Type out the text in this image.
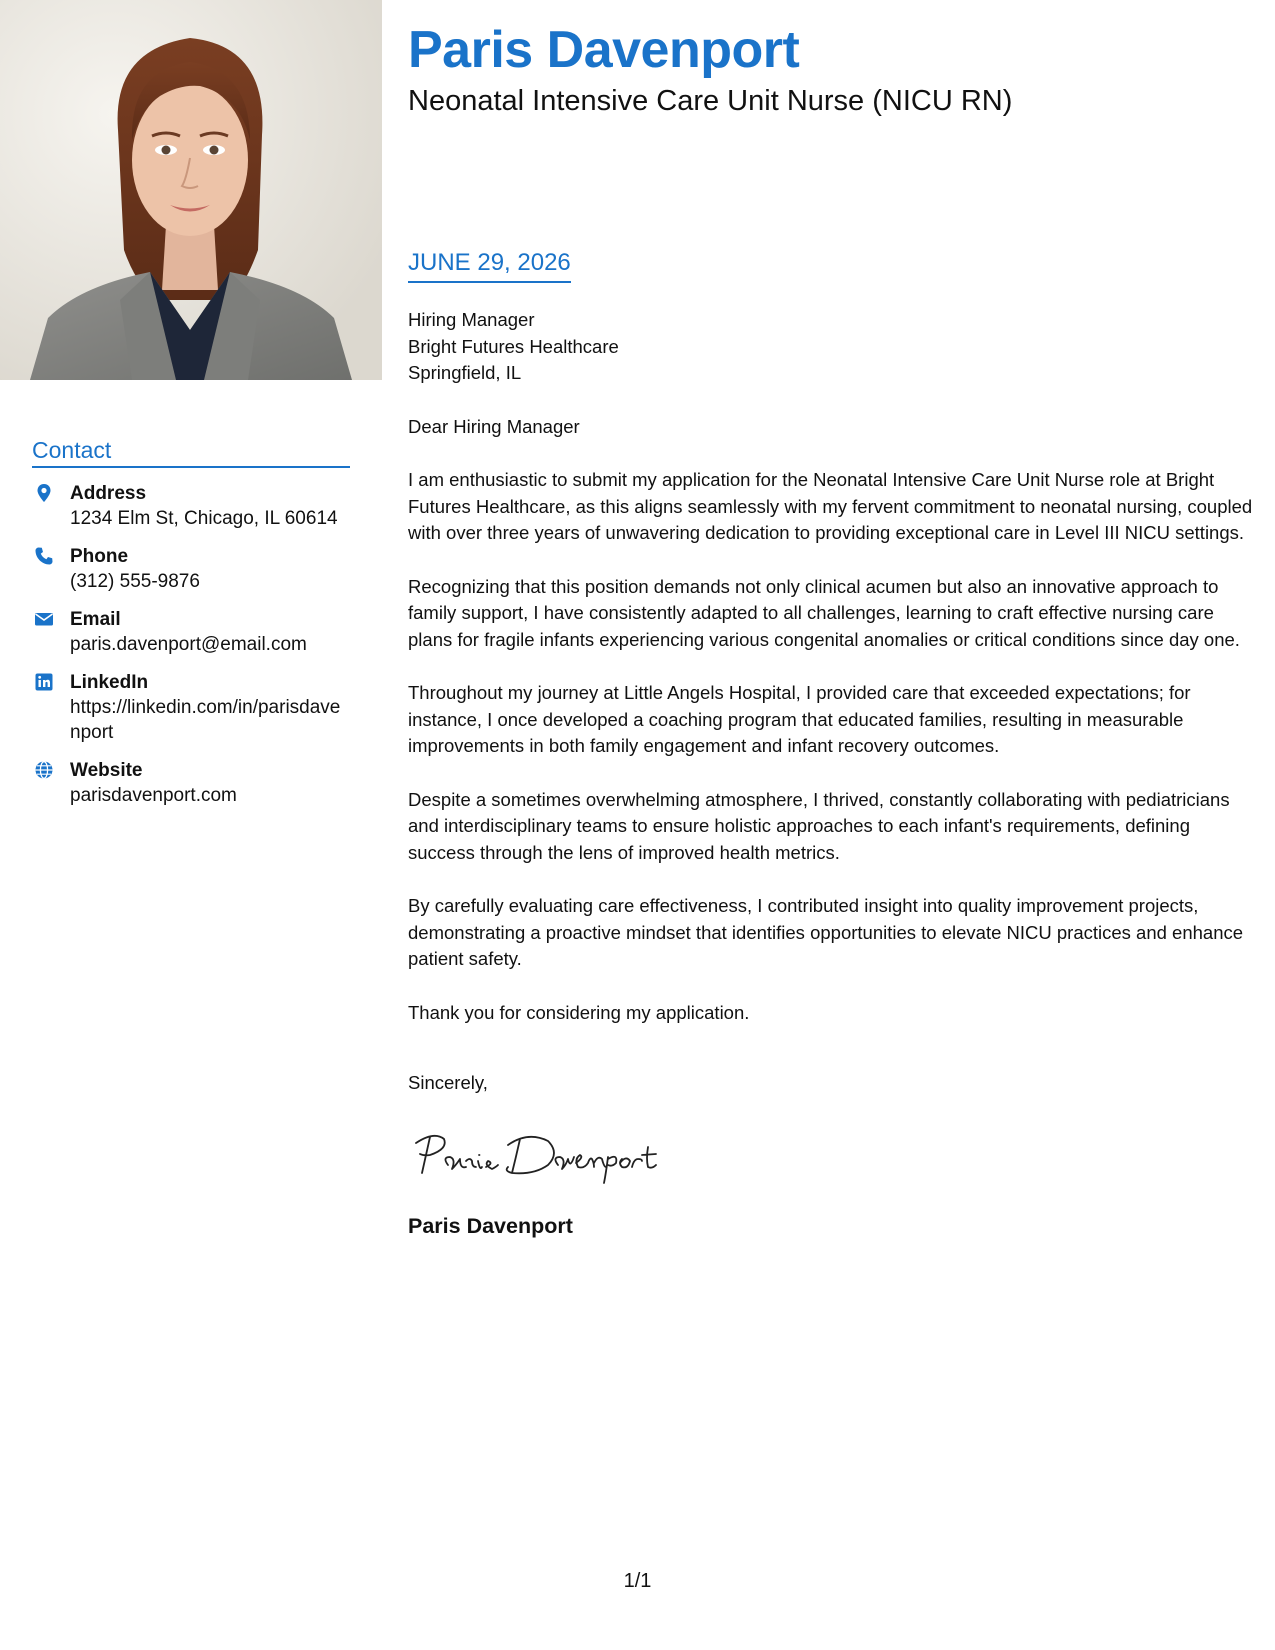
Contact
Address
1234 Elm St, Chicago, IL 60614
Phone
(312) 555-9876
Email
paris.davenport@email.com
LinkedIn
https://linkedin.com/in/parisdavenport
Website
parisdavenport.com
Paris Davenport
Neonatal Intensive Care Unit Nurse (NICU RN)
JUNE 29, 2026
Hiring Manager
Bright Futures Healthcare
Springfield, IL
Dear Hiring Manager
I am enthusiastic to submit my application for the Neonatal Intensive Care Unit Nurse role at Bright Futures Healthcare, as this aligns seamlessly with my fervent commitment to neonatal nursing, coupled with over three years of unwavering dedication to providing exceptional care in Level III NICU settings.
Recognizing that this position demands not only clinical acumen but also an innovative approach to family support, I have consistently adapted to all challenges, learning to craft effective nursing care plans for fragile infants experiencing various congenital anomalies or critical conditions since day one.
Throughout my journey at Little Angels Hospital, I provided care that exceeded expectations; for instance, I once developed a coaching program that educated families, resulting in measurable improvements in both family engagement and infant recovery outcomes.
Despite a sometimes overwhelming atmosphere, I thrived, constantly collaborating with pediatricians and interdisciplinary teams to ensure holistic approaches to each infant's requirements, defining success through the lens of improved health metrics.
By carefully evaluating care effectiveness, I contributed insight into quality improvement projects, demonstrating a proactive mindset that identifies opportunities to elevate NICU practices and enhance patient safety.
Thank you for considering my application.
Sincerely,
Paris Davenport
1/1
